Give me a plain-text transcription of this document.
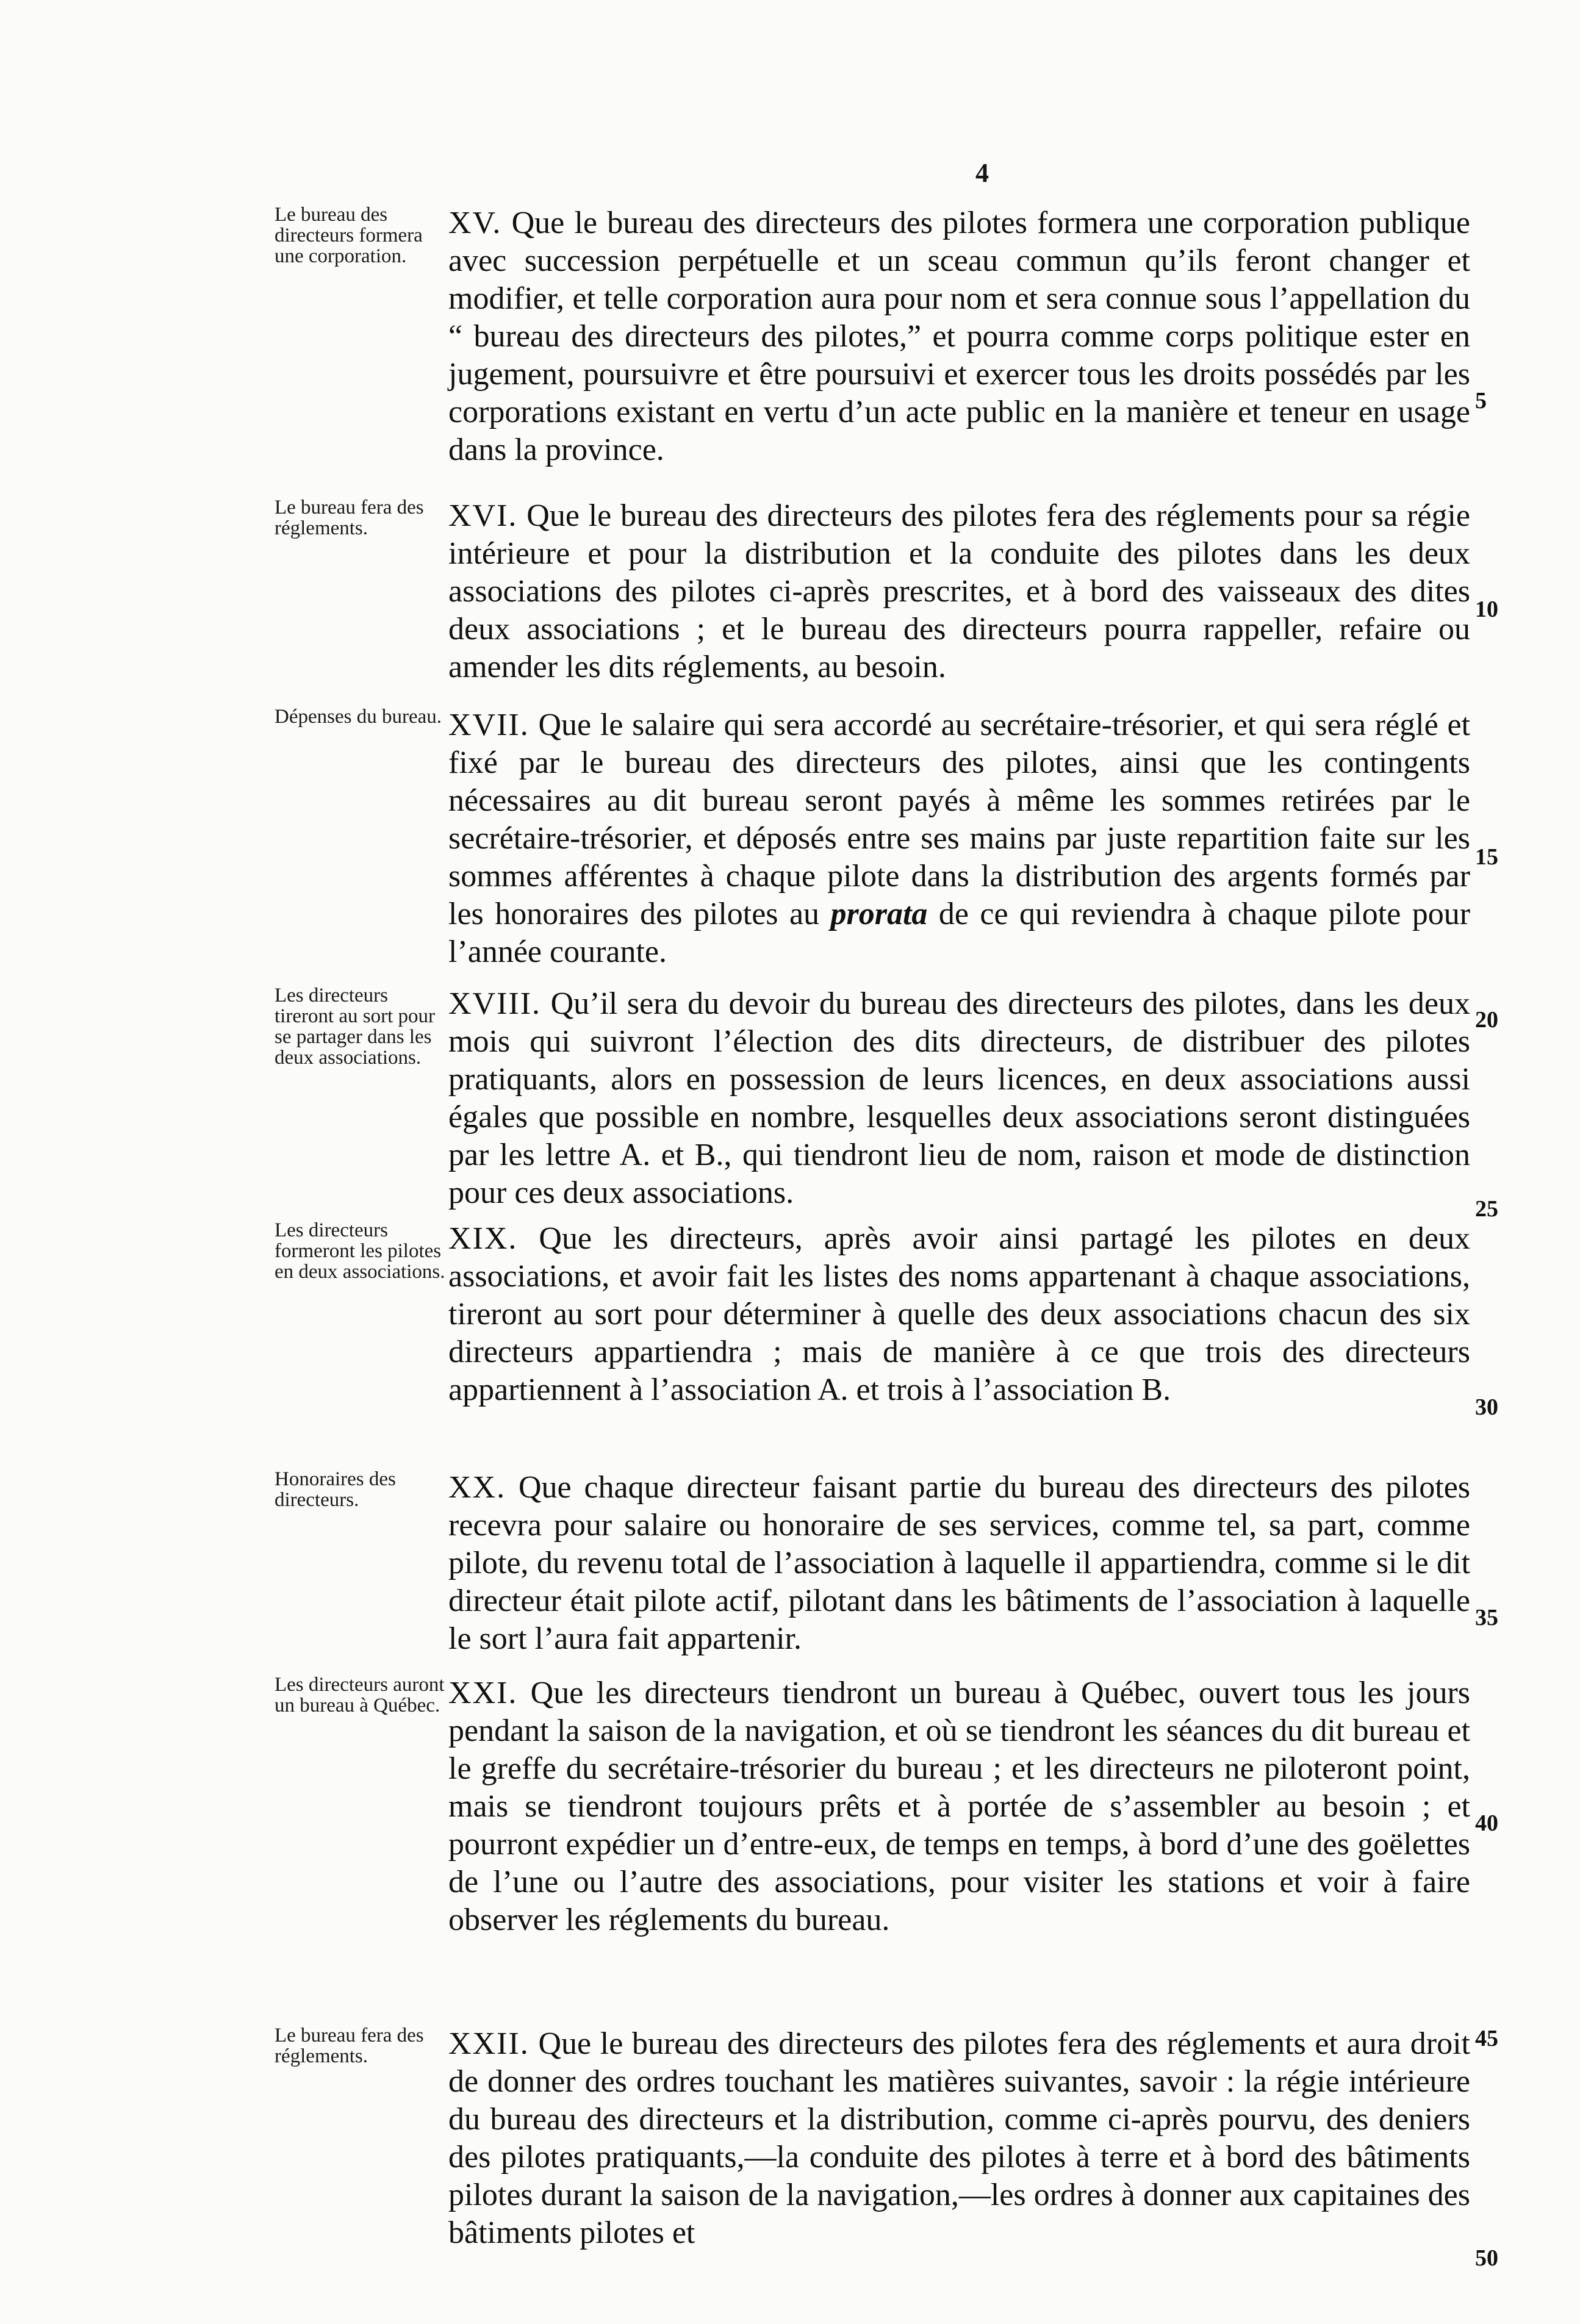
4
Le bureau des directeurs formera une corporation.
XV. Que le bureau des directeurs des pilotes formera une corporation publique avec succession perpétuelle et un sceau commun qu’ils feront changer et modifier, et telle corporation aura pour nom et sera connue sous l’appellation du “ bureau des directeurs des pilotes,” et pourra comme corps politique ester en jugement, poursuivre et être poursuivi et exercer tous les droits possédés par les corporations existant en vertu d’un acte public en la manière et teneur en usage dans la province.
5
Le bureau fera des réglements.	XVI. Que le bureau des directeurs des pilotes fera des réglements pour sa régie intérieure et pour la distribution et la conduite des pilotes dans les deux associations des pilotes ci-après prescrites, et à bord des vaisseaux des dites deux associations ; et le bureau des directeurs pourra rappeller, refaire ou amender les dits réglements, au besoin.
10
Dépenses du bureau. XVII. Que le salaire qui sera accordé au secrétaire-trésorier, et qui sera réglé et fixé par le bureau des directeurs des pilotes, ainsi que les contingents nécessaires au dit bureau seront payés à même les sommes retirées par le secrétaire-trésorier, et déposés entre ses mains par juste repartition faite sur les sommes afférentes à chaque pilote dans la distribution des argents formés par les honoraires des pilotes au prorata de ce qui reviendra à chaque pilote pour l’année courante.
15
Les directeurs tireront au sort pour se partager dans les deux associations.
XVIII. Qu’il sera du devoir du bureau des directeurs des pilotes, dans les deux mois qui suivront l’élection des dits directeurs, de distribuer des pilotes pratiquants, alors en possession de leurs licences, en deux associations aussi égales que possible en nombre, lesquelles deux associations seront distinguées par les lettre A. et B., qui tiendront lieu de nom, raison et mode de distinction pour ces deux associations.
20
25
Les directeurs formeront les pilotes en deux associations.
XIX. Que les directeurs, après avoir ainsi partagé les pilotes en deux associations, et avoir fait les listes des noms appartenant à chaque associations, tireront au sort pour déterminer à quelle des deux associations chacun des six directeurs appartiendra ; mais de manière à ce que trois des directeurs appartiennent à l’association A. et trois à l’association B.	30
Honoraires des directeurs.	XX. Que chaque directeur faisant partie du bureau des directeurs des pilotes recevra pour salaire ou honoraire de ses services, comme tel, sa part, comme pilote, du revenu total de l’association à laquelle il appartiendra, comme si le dit directeur était pilote actif, pilotant dans les bâtiments de l’association à laquelle le sort l’aura fait appartenir.
35
Les directeurs auront un bureau à Québec. XXI. Que les directeurs tiendront un bureau à Québec, ouvert tous les jours pendant la saison de la navigation, et où se tiendront les séances du dit bureau et le greffe du secrétaire-trésorier du bureau ; et les directeurs ne piloteront point, mais se tiendront toujours prêts et à portée de s’assembler au besoin ; et pourront expédier un d’entre-eux, de temps en temps, à bord d’une des goëlettes de l’une ou l’autre des associations, pour visiter les stations et voir à faire observer les réglements du bureau.
40
Le bureau fera des réglements.	XXII. Que le bureau des directeurs des pilotes fera des réglements et aura droit de donner des ordres touchant les matières suivantes, savoir : la régie intérieure du bureau des directeurs et la distribution, comme ci-après pourvu, des deniers des pilotes pratiquants,—la conduite des pilotes à terre et à bord des bâtiments pilotes durant la saison de la navigation,—les ordres à donner aux capitaines des bâtiments pilotes et
45
50
